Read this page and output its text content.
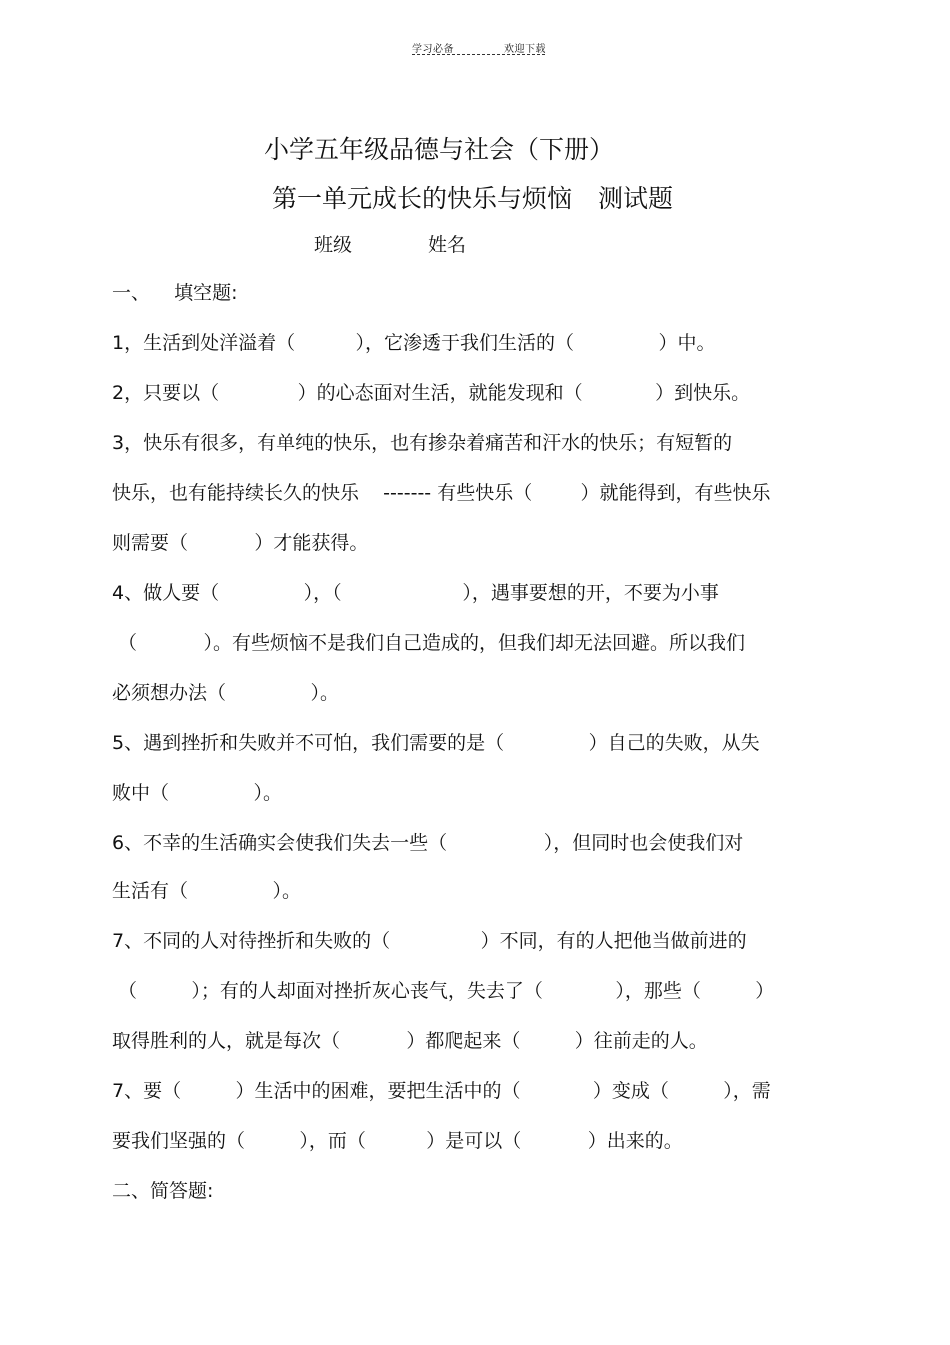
学习必备	欢迎下载
小学五年级品德与社会（下册）
第一单元成长的快乐与烦恼 测试题
班级	姓名
一、    填空题:
1，生活到处洋溢着（          ），它渗透于我们生活的（              ）中。
2，只要以（             ）的心态面对生活，就能发现和（            ）到快乐。
3，快乐有很多，有单纯的快乐，也有掺杂着痛苦和汗水的快乐；有短暂的
快乐，也有能持续长久的快乐    ------- 有些快乐（        ）就能得到，有些快乐
则需要（           ）才能获得。
4、做人要（              ），（                    ），遇事要想的开，不要为小事
（           ）。有些烦恼不是我们自己造成的，但我们却无法回避。所以我们
必须想办法（              ）。
5、遇到挫折和失败并不可怕，我们需要的是（              ）自己的失败，从失
败中（              ）。
6、不幸的生活确实会使我们失去一些（                ），但同时也会使我们对
生活有（              ）。
7、不同的人对待挫折和失败的（               ）不同，有的人把他当做前进的
（         ）；有的人却面对挫折灰心丧气，失去了（            ），那些（         ）
取得胜利的人，就是每次（           ）都爬起来（         ）往前走的人。
7、要（         ）生活中的困难，要把生活中的（            ）变成（         ），需
要我们坚强的（         ），而（          ）是可以（           ）出来的。
二、简答题:
